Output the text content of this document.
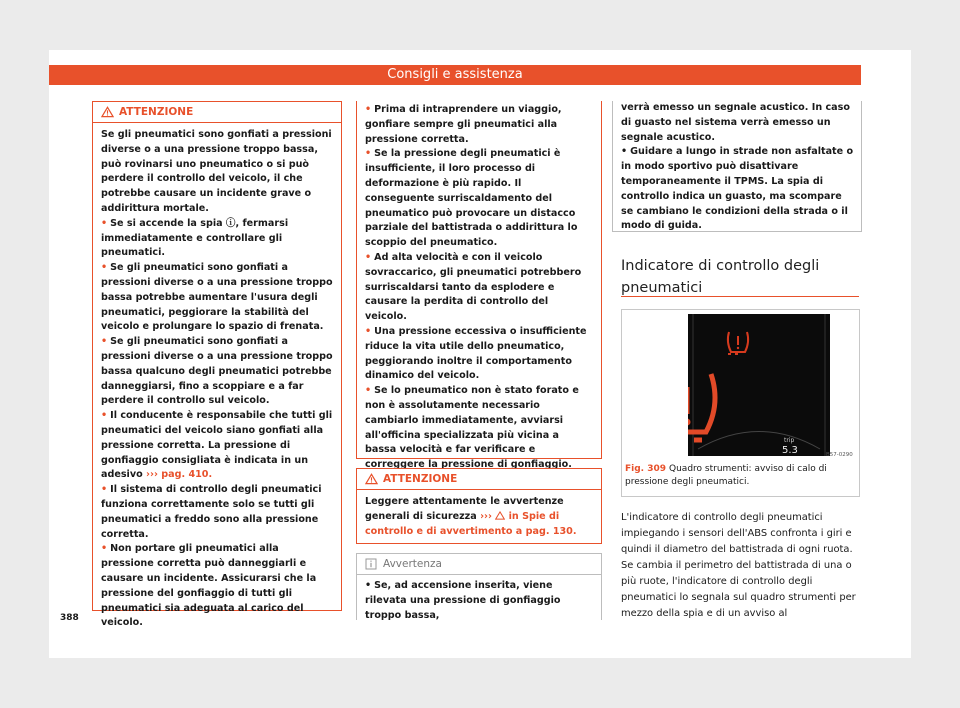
Consigli e assistenza
ATTENZIONE

Se gli pneumatici sono gonfiati a pressioni diverse o a una pressione troppo bassa, può rovinarsi uno pneumatico o si può perdere il controllo del veicolo, il che potrebbe causare un incidente grave o addirittura mortale.

• Se si accende la spia ⓘ, fermarsi immediatamente e controllare gli pneumatici.

• Se gli pneumatici sono gonfiati a pressioni diverse o a una pressione troppo bassa potrebbe aumentare l'usura degli pneumatici, peggiorare la stabilità del veicolo e prolungare lo spazio di frenata.

• Se gli pneumatici sono gonfiati a pressioni diverse o a una pressione troppo bassa qualcuno degli pneumatici potrebbe danneggiarsi, fino a scoppiare e a far perdere il controllo sul veicolo.

• Il conducente è responsabile che tutti gli pneumatici del veicolo siano gonfiati alla pressione corretta. La pressione di gonfiaggio consigliata è indicata in un adesivo ››› pag. 410.

• Il sistema di controllo degli pneumatici funziona correttamente solo se tutti gli pneumatici a freddo sono alla pressione corretta.

• Non portare gli pneumatici alla pressione corretta può danneggiarli e causare un incidente. Assicurarsi che la pressione del gonfiaggio di tutti gli pneumatici sia adeguata al carico del veicolo.

• Prima di intraprendere un viaggio, gonfiare sempre gli pneumatici alla pressione corretta.

• Se la pressione degli pneumatici è insufficiente, il loro processo di deformazione è più rapido. Il conseguente surriscaldamento del pneumatico può provocare un distacco parziale del battistrada o addirittura lo scoppio del pneumatico.

• Ad alta velocità e con il veicolo sovraccarico, gli pneumatici potrebbero surriscaldarsi tanto da esplodere e causare la perdita di controllo del veicolo.

• Una pressione eccessiva o insufficiente riduce la vita utile dello pneumatico, peggiorando inoltre il comportamento dinamico del veicolo.

• Se lo pneumatico non è stato forato e non è assolutamente necessario cambiarlo immediatamente, avviarsi all'officina specializzata più vicina a bassa velocità e far verificare e correggere la pressione di gonfiaggio.

ATTENZIONE

Leggere attentamente le avvertenze generali di sicurezza ››› in Spie di controllo e di avvertimento a pag. 130.

Avvertenza

• Se, ad accensione inserita, viene rilevata una pressione di gonfiaggio troppo bassa,

verrà emesso un segnale acustico. In caso di guasto nel sistema verrà emesso un segnale acustico.

• Guidare a lungo in strade non asfaltate o in modo sportivo può disattivare temporaneamente il TPMS. La spia di controllo indica un guasto, ma scompare se cambiano le condizioni della strada o il modo di guida.

Indicatore di controllo degli pneumatici
trip
5.3	B57-0290
Fig. 309 Quadro strumenti: avviso di calo di pressione degli pneumatici.

L'indicatore di controllo degli pneumatici impiegando i sensori dell'ABS confronta i giri e quindi il diametro del battistrada di ogni ruota. Se cambia il perimetro del battistrada di una o più ruote, l'indicatore di controllo degli pneumatici lo segnala sul quadro strumenti per mezzo della spia e di un avviso al

388
